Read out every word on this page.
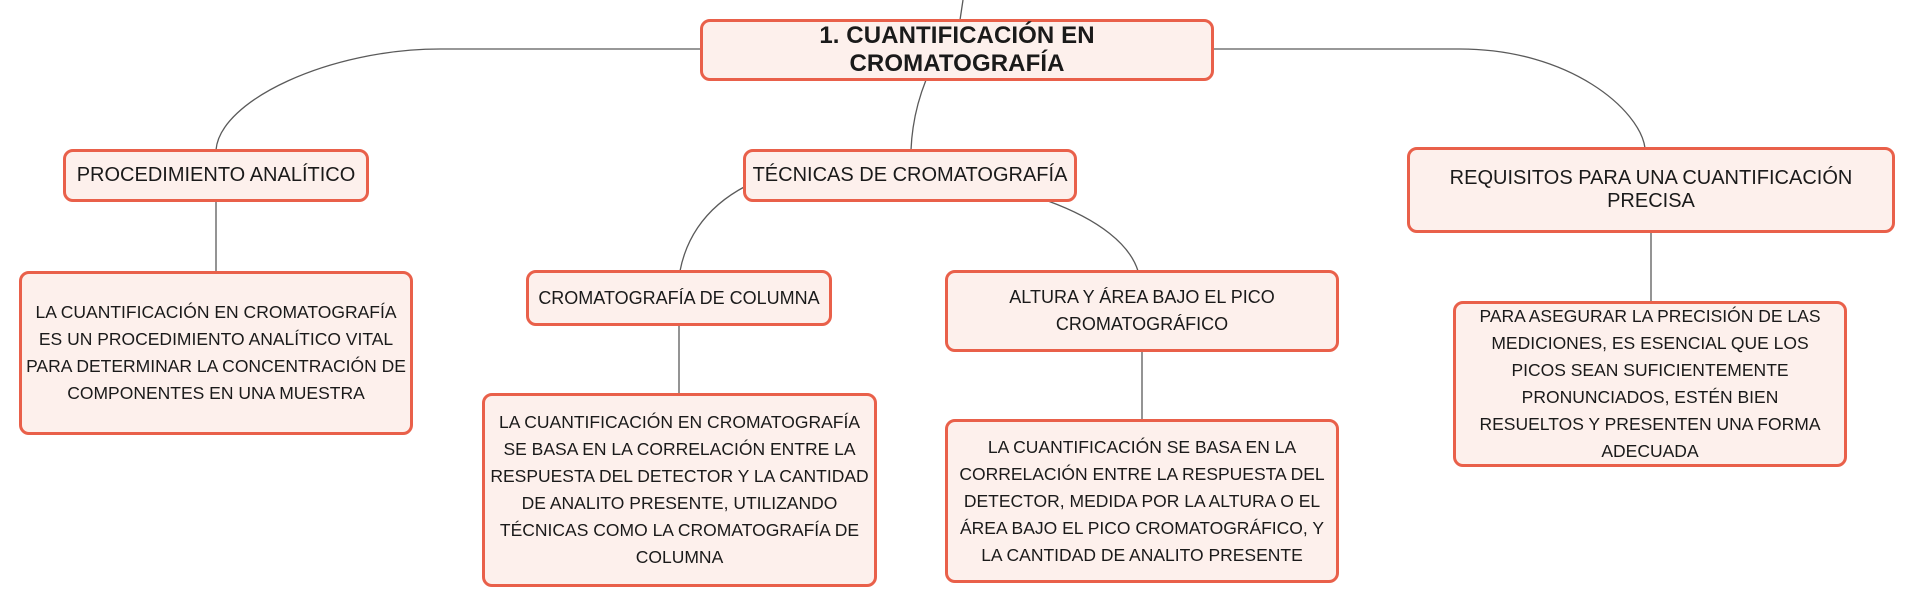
1. CUANTIFICACIÓN EN CROMATOGRAFÍA
PROCEDIMIENTO ANALÍTICO
LA CUANTIFICACIÓN EN CROMATOGRAFÍA ES UN PROCEDIMIENTO ANALÍTICO VITAL PARA DETERMINAR LA CONCENTRACIÓN DE COMPONENTES EN UNA MUESTRA
TÉCNICAS DE CROMATOGRAFÍA
CROMATOGRAFÍA DE COLUMNA
LA CUANTIFICACIÓN EN CROMATOGRAFÍA SE BASA EN LA CORRELACIÓN ENTRE LA RESPUESTA DEL DETECTOR Y LA CANTIDAD DE ANALITO PRESENTE, UTILIZANDO TÉCNICAS COMO LA CROMATOGRAFÍA DE COLUMNA
ALTURA Y ÁREA BAJO EL PICO CROMATOGRÁFICO
LA CUANTIFICACIÓN SE BASA EN LA CORRELACIÓN ENTRE LA RESPUESTA DEL DETECTOR, MEDIDA POR LA ALTURA O EL ÁREA BAJO EL PICO CROMATOGRÁFICO, Y LA CANTIDAD DE ANALITO PRESENTE
REQUISITOS PARA UNA CUANTIFICACIÓN PRECISA
PARA ASEGURAR LA PRECISIÓN DE LAS MEDICIONES, ES ESENCIAL QUE LOS PICOS SEAN SUFICIENTEMENTE PRONUNCIADOS, ESTÉN BIEN RESUELTOS Y PRESENTEN UNA FORMA ADECUADA
